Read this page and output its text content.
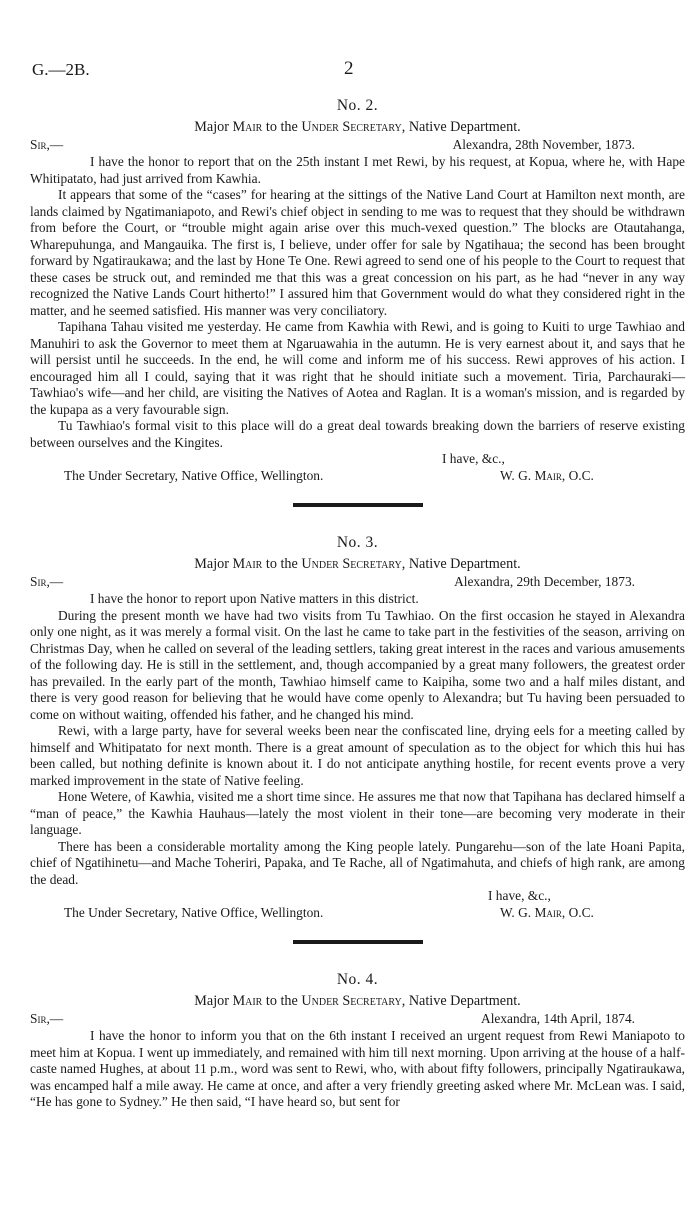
G.—2B.	2
No. 2.
Major Mair to the Under Secretary, Native Department.
Sir,—	Alexandra, 28th November, 1873.

I have the honor to report that on the 25th instant I met Rewi, by his request, at Kopua, where he, with Hape Whitipatato, had just arrived from Kawhia.

It appears that some of the “cases” for hearing at the sittings of the Native Land Court at Hamilton next month, are lands claimed by Ngatimaniapoto, and Rewi's chief object in sending to me was to request that they should be withdrawn from before the Court, or “trouble might again arise over this much-vexed question.” The blocks are Otautahanga, Wharepuhunga, and Mangauika. The first is, I believe, under offer for sale by Ngatihaua; the second has been brought forward by Ngatiraukawa; and the last by Hone Te One. Rewi agreed to send one of his people to the Court to request that these cases be struck out, and reminded me that this was a great concession on his part, as he had “never in any way recognized the Native Lands Court hitherto!” I assured him that Government would do what they considered right in the matter, and he seemed satisfied. His manner was very conciliatory.

Tapihana Tahau visited me yesterday. He came from Kawhia with Rewi, and is going to Kuiti to urge Tawhiao and Manuhiri to ask the Governor to meet them at Ngaruawahia in the autumn. He is very earnest about it, and says that he will persist until he succeeds. In the end, he will come and inform me of his success. Rewi approves of his action. I encouraged him all I could, saying that it was right that he should initiate such a movement. Tiria, Parchauraki—Tawhiao's wife—and her child, are visiting the Natives of Aotea and Raglan. It is a woman's mission, and is regarded by the kupapa as a very favourable sign.

Tu Tawhiao's formal visit to this place will do a great deal towards breaking down the barriers of reserve existing between ourselves and the Kingites.

I have, &c.,
The Under Secretary, Native Office, Wellington.	W. G. Mair, O.C.
No. 3.
Major Mair to the Under Secretary, Native Department.
Sir,—	Alexandra, 29th December, 1873.

I have the honor to report upon Native matters in this district.

During the present month we have had two visits from Tu Tawhiao. On the first occasion he stayed in Alexandra only one night, as it was merely a formal visit. On the last he came to take part in the festivities of the season, arriving on Christmas Day, when he called on several of the leading settlers, taking great interest in the races and various amusements of the following day. He is still in the settlement, and, though accompanied by a great many followers, the greatest order has prevailed. In the early part of the month, Tawhiao himself came to Kaipiha, some two and a half miles distant, and there is very good reason for believing that he would have come openly to Alexandra; but Tu having been persuaded to come on without waiting, offended his father, and he changed his mind.

Rewi, with a large party, have for several weeks been near the confiscated line, drying eels for a meeting called by himself and Whitipatato for next month. There is a great amount of speculation as to the object for which this hui has been called, but nothing definite is known about it. I do not anticipate anything hostile, for recent events prove a very marked improvement in the state of Native feeling.

Hone Wetere, of Kawhia, visited me a short time since. He assures me that now that Tapihana has declared himself a “man of peace,” the Kawhia Hauhaus—lately the most violent in their tone—are becoming very moderate in their language.

There has been a considerable mortality among the King people lately. Pungarehu—son of the late Hoani Papita, chief of Ngatihinetu—and Mache Toheriri, Papaka, and Te Rache, all of Ngatimahuta, and chiefs of high rank, are among the dead.

I have, &c.,
The Under Secretary, Native Office, Wellington.	W. G. Mair, O.C.
No. 4.
Major Mair to the Under Secretary, Native Department.
Sir,—	Alexandra, 14th April, 1874.

I have the honor to inform you that on the 6th instant I received an urgent request from Rewi Maniapoto to meet him at Kopua. I went up immediately, and remained with him till next morning. Upon arriving at the house of a half-caste named Hughes, at about 11 p.m., word was sent to Rewi, who, with about fifty followers, principally Ngatiraukawa, was encamped half a mile away. He came at once, and after a very friendly greeting asked where Mr. McLean was. I said, “He has gone to Sydney.” He then said, “I have heard so, but sent for
